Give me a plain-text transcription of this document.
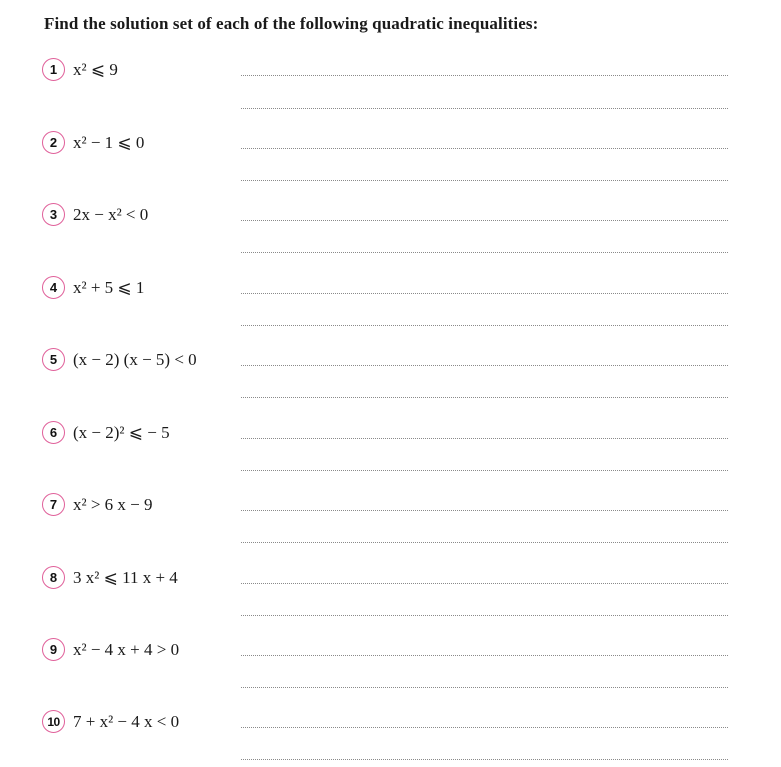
Find the solution set of each of the following quadratic inequalities:
1 x² ⩽ 9
2 x² − 1 ⩽ 0
3 2x − x² < 0
4 x² + 5 ⩽ 1
5 (x − 2) (x − 5) < 0
6 (x − 2)² ⩽ − 5
7 x² > 6 x − 9
8 3 x² ⩽ 11 x + 4
9 x² − 4 x + 4 > 0
10 7 + x² − 4 x < 0
